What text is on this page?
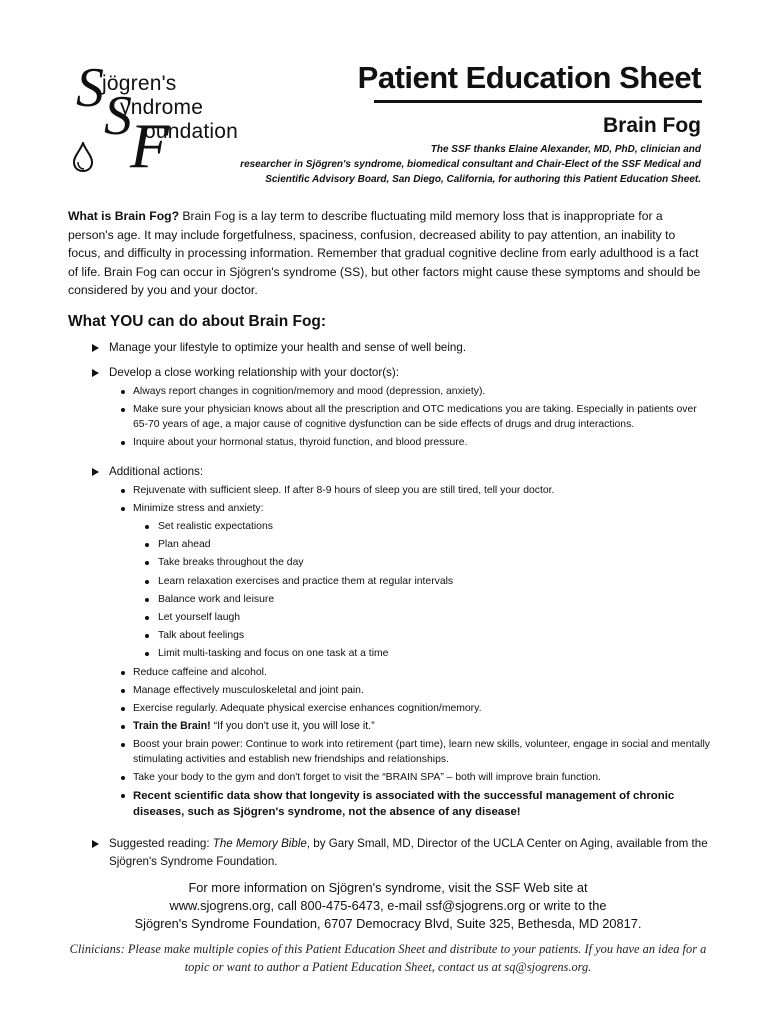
S S
F
jögren's
yndrome
oundation
Patient Education Sheet
Brain Fog
The SSF thanks Elaine Alexander, MD, PhD, clinician and
researcher in Sjögren's syndrome, biomedical consultant and Chair-Elect of the SSF Medical and
Scientific Advisory Board, San Diego, California, for authoring this Patient Education Sheet.
What is Brain Fog? Brain Fog is a lay term to describe fluctuating mild memory loss that is inappropriate for a person's age. It may include forgetfulness, spaciness, confusion, decreased ability to pay attention, an inability to focus, and difficulty in processing information. Remember that gradual cognitive decline from early adulthood is a fact of life. Brain Fog can occur in Sjögren's syndrome (SS), but other factors might cause these symptoms and should be considered by you and your doctor.
What YOU can do about Brain Fog:
Manage your lifestyle to optimize your health and sense of well being.
Develop a close working relationship with your doctor(s):
Always report changes in cognition/memory and mood (depression, anxiety).
Make sure your physician knows about all the prescription and OTC medications you are taking. Especially in patients over 65-70 years of age, a major cause of cognitive dysfunction can be side effects of drugs and drug interactions.
Inquire about your hormonal status, thyroid function, and blood pressure.
Additional actions:
Rejuvenate with sufficient sleep. If after 8-9 hours of sleep you are still tired, tell your doctor.
Minimize stress and anxiety:
Set realistic expectations
Plan ahead
Take breaks throughout the day
Learn relaxation exercises and practice them at regular intervals
Balance work and leisure
Let yourself laugh
Talk about feelings
Limit multi-tasking and focus on one task at a time
Reduce caffeine and alcohol.
Manage effectively musculoskeletal and joint pain.
Exercise regularly. Adequate physical exercise enhances cognition/memory.
Train the Brain! “If you don't use it, you will lose it.”
Boost your brain power: Continue to work into retirement (part time), learn new skills, volunteer, engage in social and mentally stimulating activities and establish new friendships and relationships.
Take your body to the gym and don't forget to visit the “BRAIN SPA” – both will improve brain function.
Recent scientific data show that longevity is associated with the successful management of chronic diseases, such as Sjögren's syndrome, not the absence of any disease!
Suggested reading: The Memory Bible, by Gary Small, MD, Director of the UCLA Center on Aging, available from the Sjögren's Syndrome Foundation.
For more information on Sjögren's syndrome, visit the SSF Web site at
www.sjogrens.org, call 800-475-6473, e-mail ssf@sjogrens.org or write to the
Sjögren's Syndrome Foundation, 6707 Democracy Blvd, Suite 325, Bethesda, MD 20817.
Clinicians: Please make multiple copies of this Patient Education Sheet and distribute to your patients. If you have an idea for a topic or want to author a Patient Education Sheet, contact us at sq@sjogrens.org.
